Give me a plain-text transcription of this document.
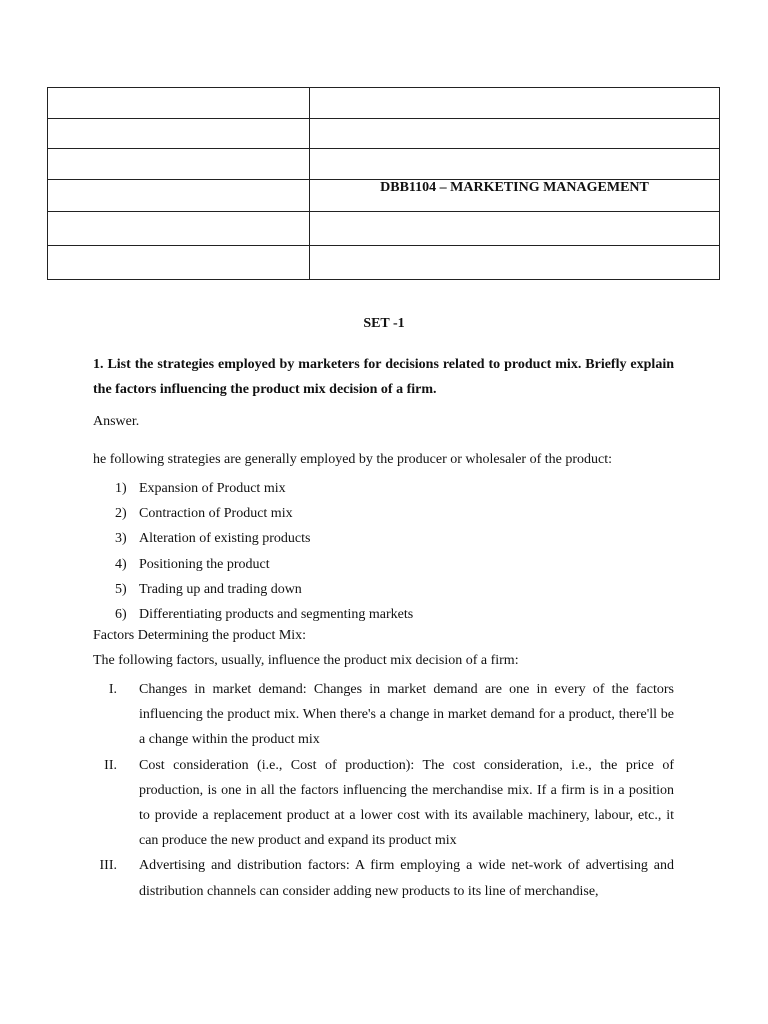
	DBB1104 – MARKETING MANAGEMENT

SET -1
1. List the strategies employed by marketers for decisions related to product mix. Briefly explain the factors influencing the product mix decision of a firm.
Answer.
he following strategies are generally employed by the producer or wholesaler of the product:
1) Expansion of Product mix
2) Contraction of Product mix
3) Alteration of existing products
4) Positioning the product
5) Trading up and trading down
6) Differentiating products and segmenting markets
Factors Determining the product Mix:
The following factors, usually, influence the product mix decision of a firm:
I. Changes in market demand: Changes in market demand are one in every of the factors influencing the product mix. When there's a change in market demand for a product, there'll be a change within the product mix
II. Cost consideration (i.e., Cost of production): The cost consideration, i.e., the price of production, is one in all the factors influencing the merchandise mix. If a firm is in a position to provide a replacement product at a lower cost with its available machinery, labour, etc., it can produce the new product and expand its product mix
III. Advertising and distribution factors: A firm employing a wide net-work of advertising and distribution channels can consider adding new products to its line of merchandise,
